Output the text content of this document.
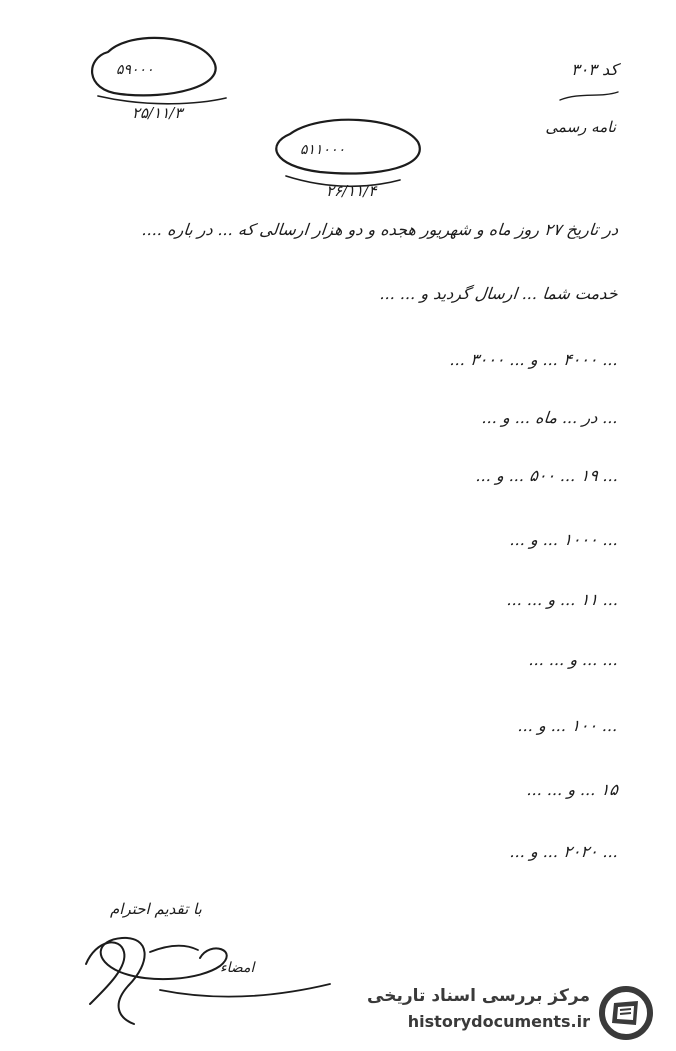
کد ۳۰۳
نامه رسمی
۵۹۰۰۰
۲۵/۱۱/۳
۵۱۱۰۰۰
۲۶/۱۱/۴
در تاریخ ۲۷ روز ماه و شهریور هجده و دو هزار ارسالی که ... در باره ....
خدمت شما ... ارسال گردید و ... ...
... ۴۰۰۰ ... و ... ۳۰۰۰ ...
... در ... ماه ... و ...
... ۱۹ ... ۵۰۰ ... و ...
... ۱۰۰۰ ... و ...
... ۱۱ ... و ... ...
... ... و ... ...
... ۱۰۰ ... و ...
۱۵ ... و ... ...
... ۲۰۲۰ ... و ...
با تقدیم احترام
امضاء
مرکز بررسی اسناد تاریخی
historydocuments.ir
